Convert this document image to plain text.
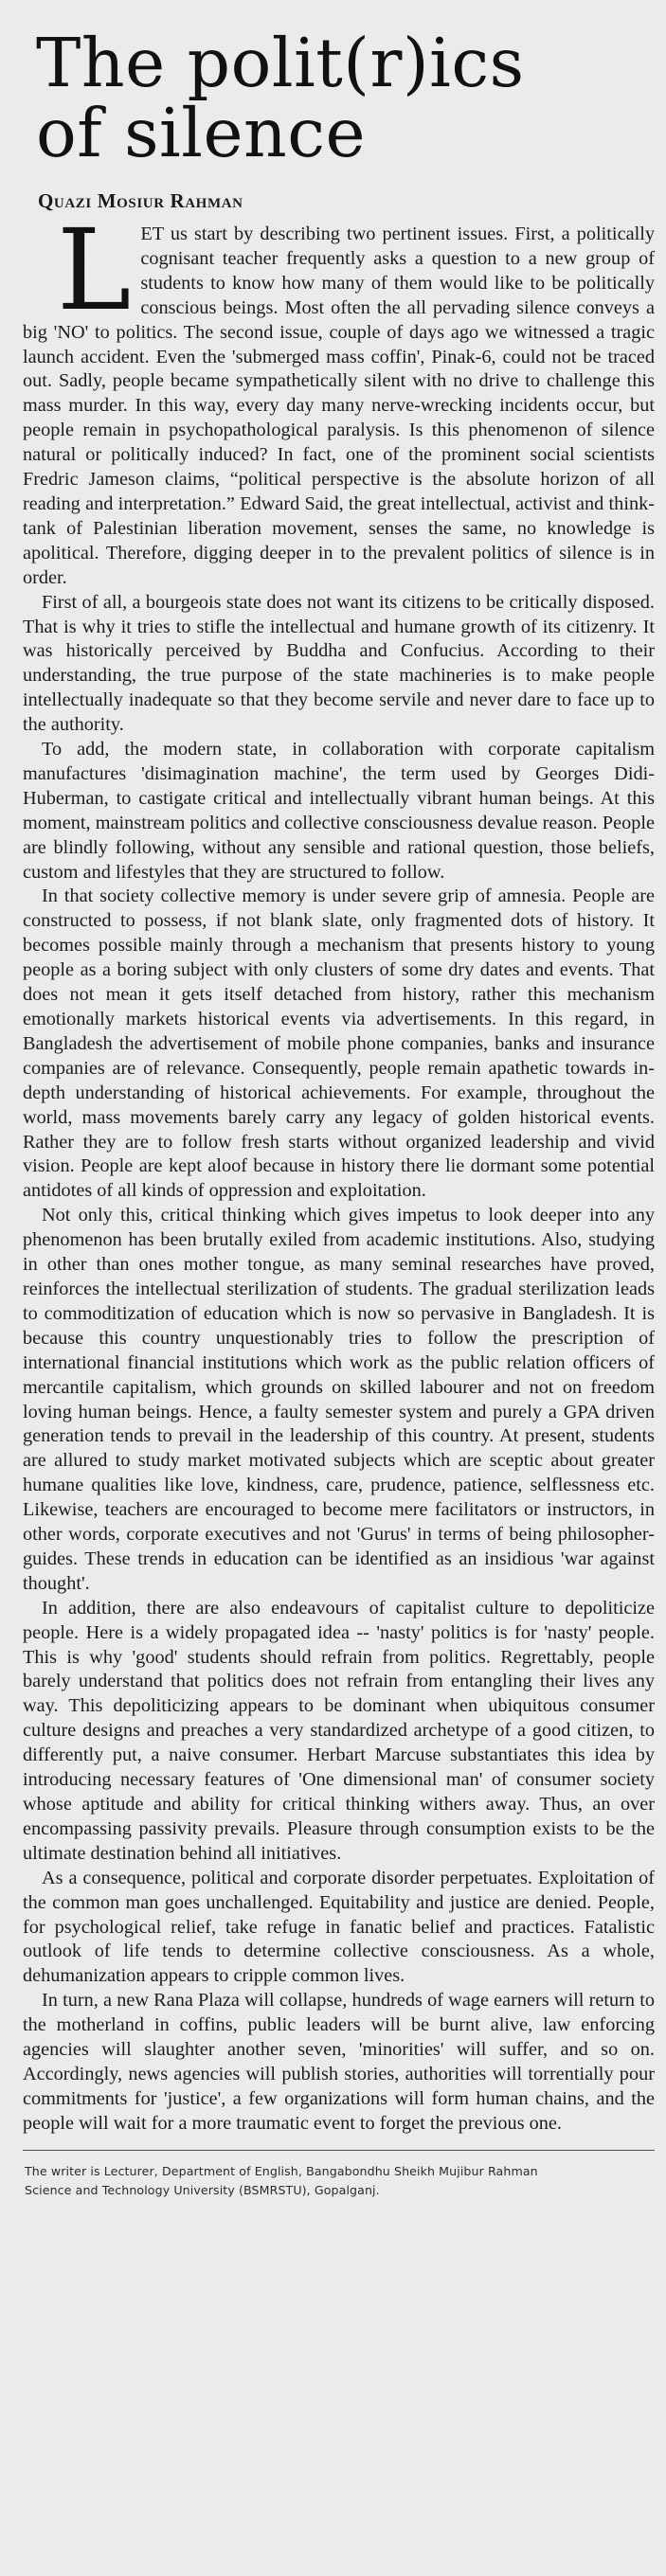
The polit(r)ics
of silence
Quazi Mosiur Rahman

LET us start by describing two pertinent issues. First, a politically cognisant teacher frequently asks a question to a new group of students to know how many of them would like to be politically conscious beings. Most often the all pervading silence conveys a big 'NO' to politics. The second issue, couple of days ago we witnessed a tragic launch accident. Even the 'submerged mass coffin', Pinak-6, could not be traced out. Sadly, people became sympathetically silent with no drive to challenge this mass murder. In this way, every day many nerve-wrecking incidents occur, but people remain in psychopathological paralysis. Is this phenomenon of silence natural or politically induced? In fact, one of the prominent social scientists Fredric Jameson claims, “political perspective is the absolute horizon of all reading and interpretation.” Edward Said, the great intellectual, activist and think-tank of Palestinian liberation movement, senses the same, no knowledge is apolitical. Therefore, digging deeper in to the prevalent politics of silence is in order.

First of all, a bourgeois state does not want its citizens to be critically disposed. That is why it tries to stifle the intellectual and humane growth of its citizenry. It was historically perceived by Buddha and Confucius. According to their understanding, the true purpose of the state machineries is to make people intellectually inadequate so that they become servile and never dare to face up to the authority.

To add, the modern state, in collaboration with corporate capitalism manufactures 'disimagination machine', the term used by Georges Didi-Huberman, to castigate critical and intellectually vibrant human beings. At this moment, mainstream politics and collective consciousness devalue reason. People are blindly following, without any sensible and rational question, those beliefs, custom and lifestyles that they are structured to follow.

In that society collective memory is under severe grip of amnesia. People are constructed to possess, if not blank slate, only fragmented dots of history. It becomes possible mainly through a mechanism that presents history to young people as a boring subject with only clusters of some dry dates and events. That does not mean it gets itself detached from history, rather this mechanism emotionally markets historical events via advertisements. In this regard, in Bangladesh the advertisement of mobile phone companies, banks and insurance companies are of relevance. Consequently, people remain apathetic towards in-depth understanding of historical achievements. For example, throughout the world, mass movements barely carry any legacy of golden historical events. Rather they are to follow fresh starts without organized leadership and vivid vision. People are kept aloof because in history there lie dormant some potential antidotes of all kinds of oppression and exploitation.

Not only this, critical thinking which gives impetus to look deeper into any phenomenon has been brutally exiled from academic institutions. Also, studying in other than ones mother tongue, as many seminal researches have proved, reinforces the intellectual sterilization of students. The gradual sterilization leads to commoditization of education which is now so pervasive in Bangladesh. It is because this country unquestionably tries to follow the prescription of international financial institutions which work as the public relation officers of mercantile capitalism, which grounds on skilled labourer and not on freedom loving human beings. Hence, a faulty semester system and purely a GPA driven generation tends to prevail in the leadership of this country. At present, students are allured to study market motivated subjects which are sceptic about greater humane qualities like love, kindness, care, prudence, patience, selflessness etc. Likewise, teachers are encouraged to become mere facilitators or instructors, in other words, corporate executives and not 'Gurus' in terms of being philosopher-guides. These trends in education can be identified as an insidious 'war against thought'.

In addition, there are also endeavours of capitalist culture to depoliticize people. Here is a widely propagated idea -- 'nasty' politics is for 'nasty' people. This is why 'good' students should refrain from politics. Regrettably, people barely understand that politics does not refrain from entangling their lives any way. This depoliticizing appears to be dominant when ubiquitous consumer culture designs and preaches a very standardized archetype of a good citizen, to differently put, a naive consumer. Herbart Marcuse substantiates this idea by introducing necessary features of 'One dimensional man' of consumer society whose aptitude and ability for critical thinking withers away. Thus, an over encompassing passivity prevails. Pleasure through consumption exists to be the ultimate destination behind all initiatives.

As a consequence, political and corporate disorder perpetuates. Exploitation of the common man goes unchallenged. Equitability and justice are denied. People, for psychological relief, take refuge in fanatic belief and practices. Fatalistic outlook of life tends to determine collective consciousness. As a whole, dehumanization appears to cripple common lives.

In turn, a new Rana Plaza will collapse, hundreds of wage earners will return to the motherland in coffins, public leaders will be burnt alive, law enforcing agencies will slaughter another seven, 'minorities' will suffer, and so on. Accordingly, news agencies will publish stories, authorities will torrentially pour commitments for 'justice', a few organizations will form human chains, and the people will wait for a more traumatic event to forget the previous one.

The writer is Lecturer, Department of English, Bangabondhu Sheikh Mujibur Rahman
Science and Technology University (BSMRSTU), Gopalganj.
